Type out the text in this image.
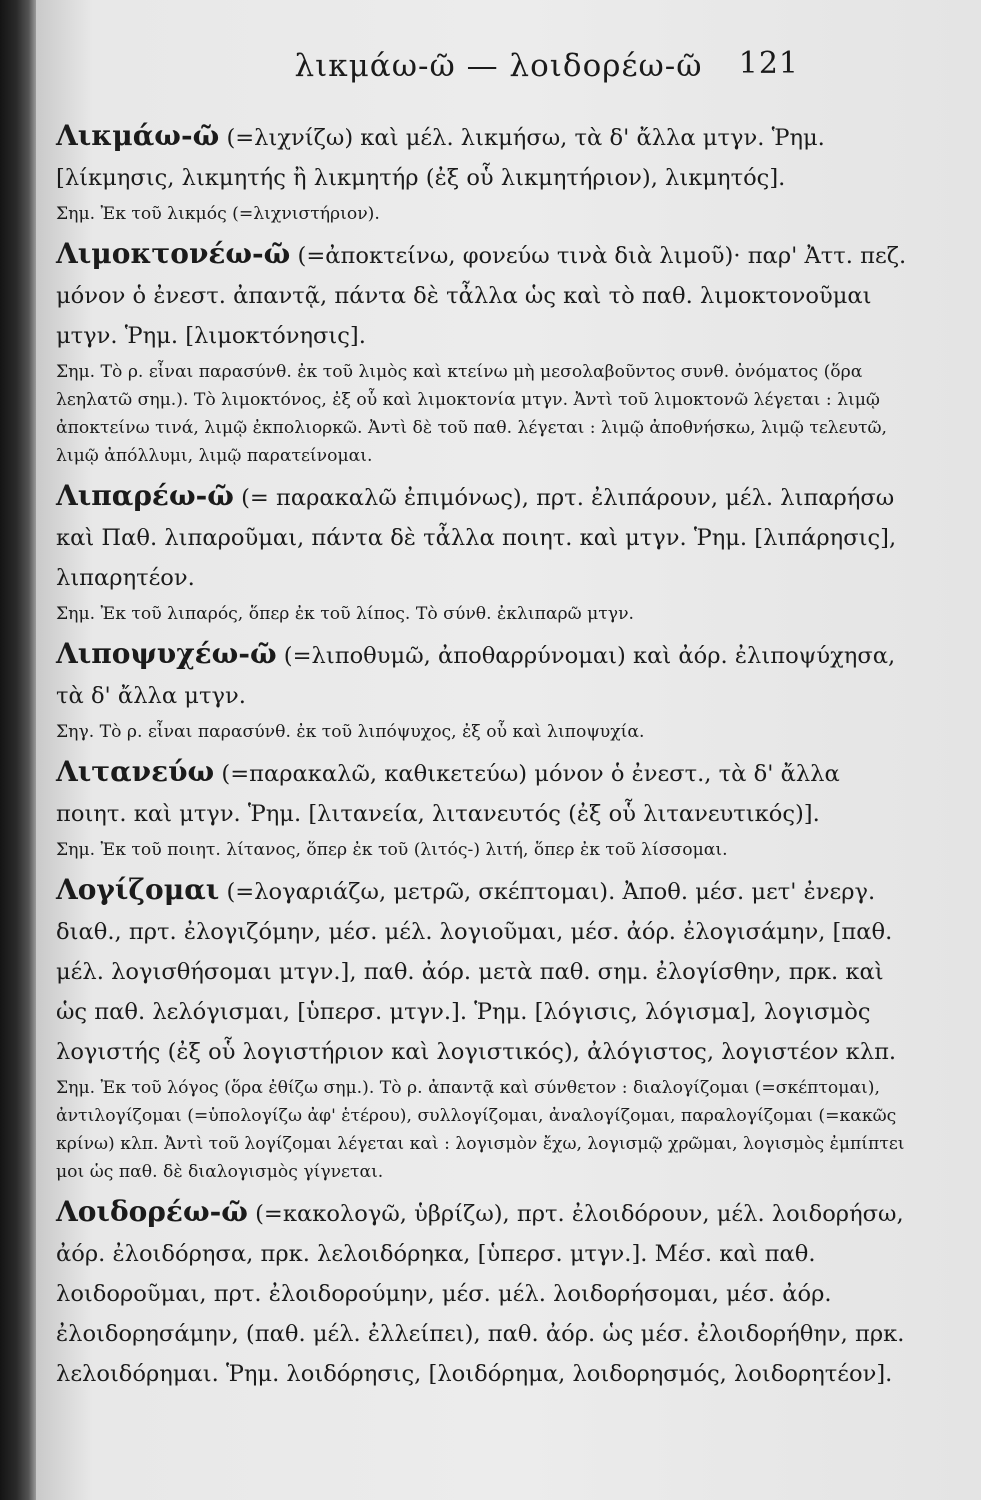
λικμάω-ῶ — λοιδορέω-ῶ 121

Λικμάω-ῶ (=λιχνίζω) καὶ μέλ. λικμήσω, τὰ δ' ἄλλα μτγν. Ῥημ. [λίκμησις, λικμητής ἢ λικμητήρ (ἐξ οὗ λικμητήριον), λικμητός].

Σημ. Ἐκ τοῦ λικμός (=λιχνιστήριον).

Λιμοκτονέω-ῶ (=ἀποκτείνω, φονεύω τινὰ διὰ λιμοῦ)· παρ' Ἀττ. πεζ. μόνον ὁ ἐνεστ. ἀπαντᾷ, πάντα δὲ τἆλλα ὡς καὶ τὸ παθ. λιμοκτονοῦμαι μτγν. Ῥημ. [λιμοκτόνησις].

Σημ. Τὸ ρ. εἶναι παρασύνθ. ἐκ τοῦ λιμὸς καὶ κτείνω μὴ μεσολαβοῦντος συνθ. ὀνόματος (ὅρα λεηλατῶ σημ.). Τὸ λιμοκτόνος, ἐξ οὗ καὶ λιμοκτονία μτγν. Ἀντὶ τοῦ λιμοκτονῶ λέγεται : λιμῷ ἀποκτείνω τινά, λιμῷ ἐκπολιορκῶ. Ἀντὶ δὲ τοῦ παθ. λέγεται : λιμῷ ἀποθνήσκω, λιμῷ τελευτῶ, λιμῷ ἀπόλλυμι, λιμῷ παρατείνομαι.

Λιπαρέω-ῶ (= παρακαλῶ ἐπιμόνως), πρτ. ἐλιπάρουν, μέλ. λιπαρήσω καὶ Παθ. λιπαροῦμαι, πάντα δὲ τἆλλα ποιητ. καὶ μτγν. Ῥημ. [λιπάρησις], λιπαρητέον.

Σημ. Ἐκ τοῦ λιπαρός, ὅπερ ἐκ τοῦ λίπος. Τὸ σύνθ. ἐκλιπαρῶ μτγν.

Λιποψυχέω-ῶ (=λιποθυμῶ, ἀποθαρρύνομαι) καὶ ἀόρ. ἐλιποψύχησα, τὰ δ' ἄλλα μτγν.

Σηγ. Τὸ ρ. εἶναι παρασύνθ. ἐκ τοῦ λιπόψυχος, ἐξ οὗ καὶ λιποψυχία.

Λιτανεύω (=παρακαλῶ, καθικετεύω) μόνον ὁ ἐνεστ., τὰ δ' ἄλλα ποιητ. καὶ μτγν. Ῥημ. [λιτανεία, λιτανευτός (ἐξ οὗ λιτανευτικός)].

Σημ. Ἐκ τοῦ ποιητ. λίτανος, ὅπερ ἐκ τοῦ (λιτός-) λιτή, ὅπερ ἐκ τοῦ λίσσομαι.

Λογίζομαι (=λογαριάζω, μετρῶ, σκέπτομαι). Ἀποθ. μέσ. μετ' ἐνεργ. διαθ., πρτ. ἐλογιζόμην, μέσ. μέλ. λογιοῦμαι, μέσ. ἀόρ. ἐλογισάμην, [παθ. μέλ. λογισθήσομαι μτγν.], παθ. ἀόρ. μετὰ παθ. σημ. ἐλογίσθην, πρκ. καὶ ὡς παθ. λελόγισμαι, [ὑπερσ. μτγν.]. Ῥημ. [λόγισις, λόγισμα], λογισμὸς λογιστής (ἐξ οὗ λογιστήριον καὶ λογιστικός), ἀλόγιστος, λογιστέον κλπ.

Σημ. Ἐκ τοῦ λόγος (ὅρα ἐθίζω σημ.). Τὸ ρ. ἀπαντᾷ καὶ σύνθετον : διαλογίζομαι (=σκέπτομαι), ἀντιλογίζομαι (=ὑπολογίζω ἀφ' ἑτέρου), συλλογίζομαι, ἀναλογίζομαι, παραλογίζομαι (=κακῶς κρίνω) κλπ. Ἀντὶ τοῦ λογίζομαι λέγεται καὶ : λογισμὸν ἔχω, λογισμῷ χρῶμαι, λογισμὸς ἐμπίπτει μοι ὡς παθ. δὲ διαλογισμὸς γίγνεται.

Λοιδορέω-ῶ (=κακολογῶ, ὑβρίζω), πρτ. ἐλοιδόρουν, μέλ. λοιδορήσω, ἀόρ. ἐλοιδόρησα, πρκ. λελοιδόρηκα, [ὑπερσ. μτγν.]. Μέσ. καὶ παθ. λοιδοροῦμαι, πρτ. ἐλοιδορούμην, μέσ. μέλ. λοιδορήσομαι, μέσ. ἀόρ. ἐλοιδορησάμην, (παθ. μέλ. ἐλλείπει), παθ. ἀόρ. ὡς μέσ. ἐλοιδορήθην, πρκ. λελοιδόρημαι. Ῥημ. λοιδόρησις, [λοιδόρημα, λοιδορησμός, λοιδορητέον].
